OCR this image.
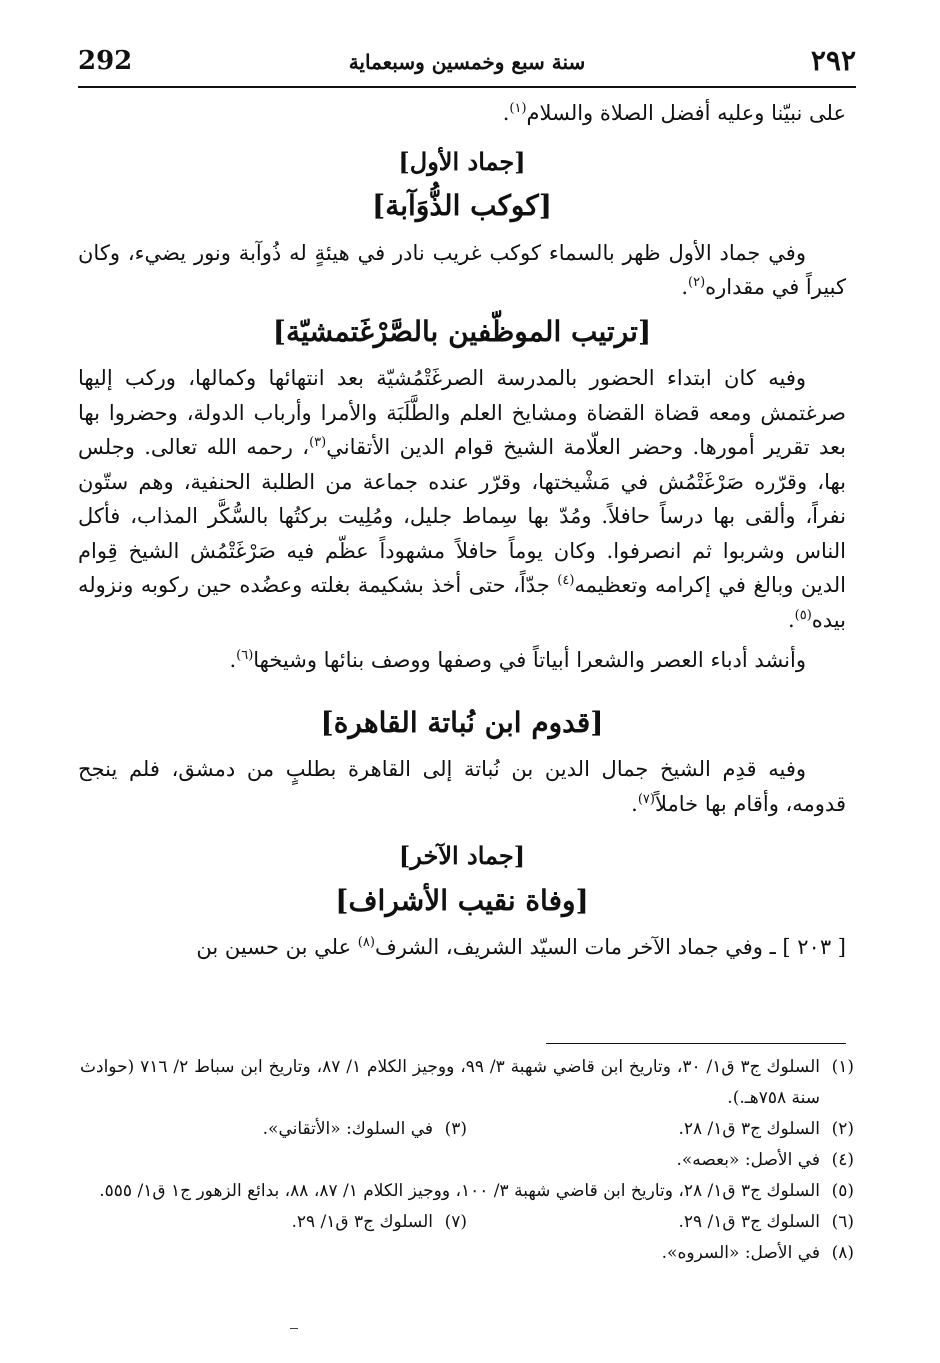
292	سنة سبع وخمسين وسبعماية	٢٩٢

على نبيّنا وعليه أفضل الصلاة والسلام$^{(١)}$.

[جماد الأول]
[كوكب الذُّوَآبة]

وفي جماد الأول ظهر بالسماء كوكب غريب نادر في هيئةٍ له ذُوآبة ونور يضيء، وكان كبيراً في مقداره$^{(٢)}$.

[ترتيب الموظّفين بالصَّرْغَتمشيّة]

وفيه كان ابتداء الحضور بالمدرسة الصرغَتْمُشيّة بعد انتهائها وكمالها، وركب إليها صرغتمش ومعه قضاة القضاة ومشايخ العلم والطَّلَبَة والأمرا وأرباب الدولة، وحضروا بها بعد تقرير أمورها. وحضر العلّامة الشيخ قوام الدين الأتقاني$^{(٣)}$، رحمه الله تعالى. وجلس بها، وقرّره صَرْغَتْمُش في مَشْيختها، وقرّر عنده جماعة من الطلبة الحنفية، وهم ستّون نفراً، وألقى بها درساً حافلاً. ومُدّ بها سِماط جليل، ومُلِيت بركتُها بالسُّكَّر المذاب، فأكل الناس وشربوا ثم انصرفوا. وكان يوماً حافلاً مشهوداً عظّم فيه صَرْغَتْمُش الشيخ قِوام الدين وبالغ في إكرامه وتعظيمه$^{(٤)}$ جدّاً، حتى أخذ بشكيمة بغلته وعضُده حين ركوبه ونزوله بيده$^{(٥)}$.

وأنشد أدباء العصر والشعرا أبياتاً في وصفها ووصف بنائها وشيخها$^{(٦)}$.

[قدوم ابن نُباتة القاهرة]

وفيه قدِم الشيخ جمال الدين بن نُباتة إلى القاهرة بطلبٍ من دمشق، فلم ينجح قدومه، وأقام بها خاملاً$^{(٧)}$.

[جماد الآخر]
[وفاة نقيب الأشراف]

[ ٢٠٣ ] ـ وفي جماد الآخر مات السيّد الشريف، الشرف$^{(٨)}$ علي بن حسين بن

(١)
السلوك ج٣ ق١/ ٣٠، وتاريخ ابن قاضي شهبة ٣/ ٩٩، ووجيز الكلام ١/ ٨٧، وتاريخ ابن سباط ٢/ ٧١٦ (حوادث سنة ٧٥٨هـ.).
(٢)
السلوك ج٣ ق١/ ٢٨.
(٣)
في السلوك: «الأتقاني».
(٤)
في الأصل: «بعصه».
(٥)
السلوك ج٣ ق١/ ٢٨، وتاريخ ابن قاضي شهبة ٣/ ١٠٠، ووجيز الكلام ١/ ٨٧، ٨٨، بدائع الزهور ج١ ق١/ ٥٥٥.
(٦)
السلوك ج٣ ق١/ ٢٩.
(٧)
السلوك ج٣ ق١/ ٢٩.
(٨)
في الأصل: «السروه».
